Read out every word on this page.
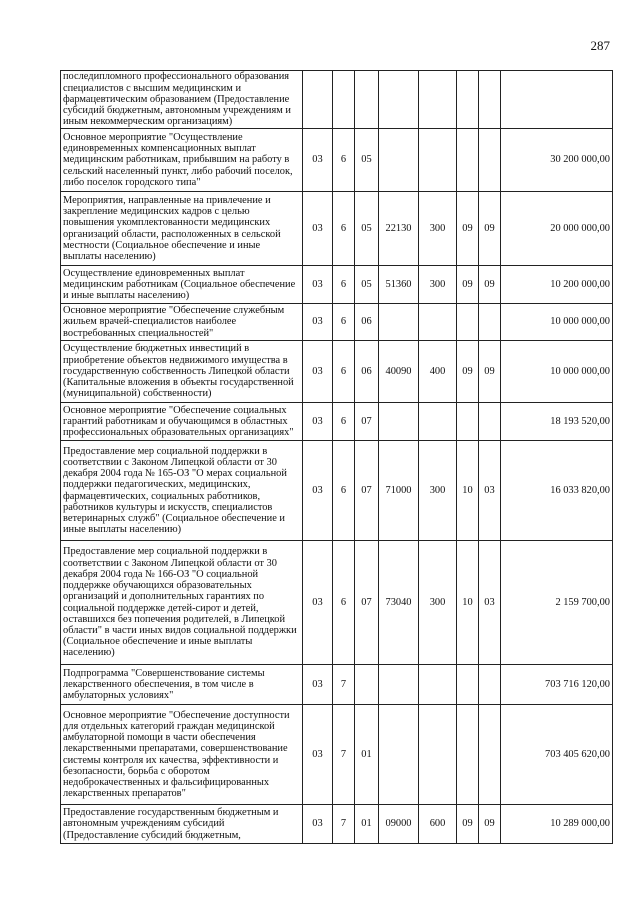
287
последипломного профессионального образования специалистов с высшим медицинским и фармацевтическим образованием (Предоставление субсидий бюджетным, автономным учреждениям и иным некоммерческим организациям)								
Основное мероприятие "Осуществление единовременных компенсационных выплат медицинским работникам, прибывшим на работу в сельский населенный пункт, либо рабочий поселок, либо поселок городского типа"	03	6	05					30 200 000,00
Мероприятия, направленные на привлечение и закрепление медицинских кадров с целью повышения укомплектованности медицинских организаций области, расположенных в сельской местности (Социальное обеспечение и иные выплаты населению)	03	6	05	22130	300	09	09	20 000 000,00
Осуществление единовременных выплат медицинским работникам (Социальное обеспечение и иные выплаты населению)	03	6	05	51360	300	09	09	10 200 000,00
Основное мероприятие "Обеспечение служебным жильем врачей-специалистов наиболее востребованных специальностей"	03	6	06					10 000 000,00
Осуществление бюджетных инвестиций в приобретение объектов недвижимого имущества в государственную собственность Липецкой области (Капитальные вложения в объекты государственной (муниципальной) собственности)	03	6	06	40090	400	09	09	10 000 000,00
Основное мероприятие "Обеспечение социальных гарантий работникам и обучающимся в областных профессиональных образовательных организациях"	03	6	07					18 193 520,00
Предоставление мер социальной поддержки в соответствии с Законом Липецкой области от 30 декабря 2004 года № 165-ОЗ "О мерах социальной поддержки педагогических, медицинских, фармацевтических, социальных работников, работников культуры и искусств, специалистов ветеринарных служб" (Социальное обеспечение и иные выплаты населению)	03	6	07	71000	300	10	03	16 033 820,00
Предоставление мер социальной поддержки в соответствии с Законом Липецкой области от 30 декабря 2004 года № 166-ОЗ "О социальной поддержке обучающихся образовательных организаций и дополнительных гарантиях по социальной поддержке детей-сирот и детей, оставшихся без попечения родителей, в Липецкой области" в части иных видов социальной поддержки (Социальное обеспечение и иные выплаты населению)	03	6	07	73040	300	10	03	2 159 700,00
Подпрограмма "Совершенствование системы лекарственного обеспечения, в том числе в амбулаторных условиях"	03	7						703 716 120,00
Основное мероприятие "Обеспечение доступности для отдельных категорий граждан медицинской амбулаторной помощи в части обеспечения лекарственными препаратами, совершенствование системы контроля их качества, эффективности и безопасности, борьба с оборотом недоброкачественных и фальсифицированных лекарственных препаратов"	03	7	01					703 405 620,00
Предоставление государственным бюджетным и автономным учреждениям субсидий (Предоставление субсидий бюджетным,	03	7	01	09000	600	09	09	10 289 000,00
